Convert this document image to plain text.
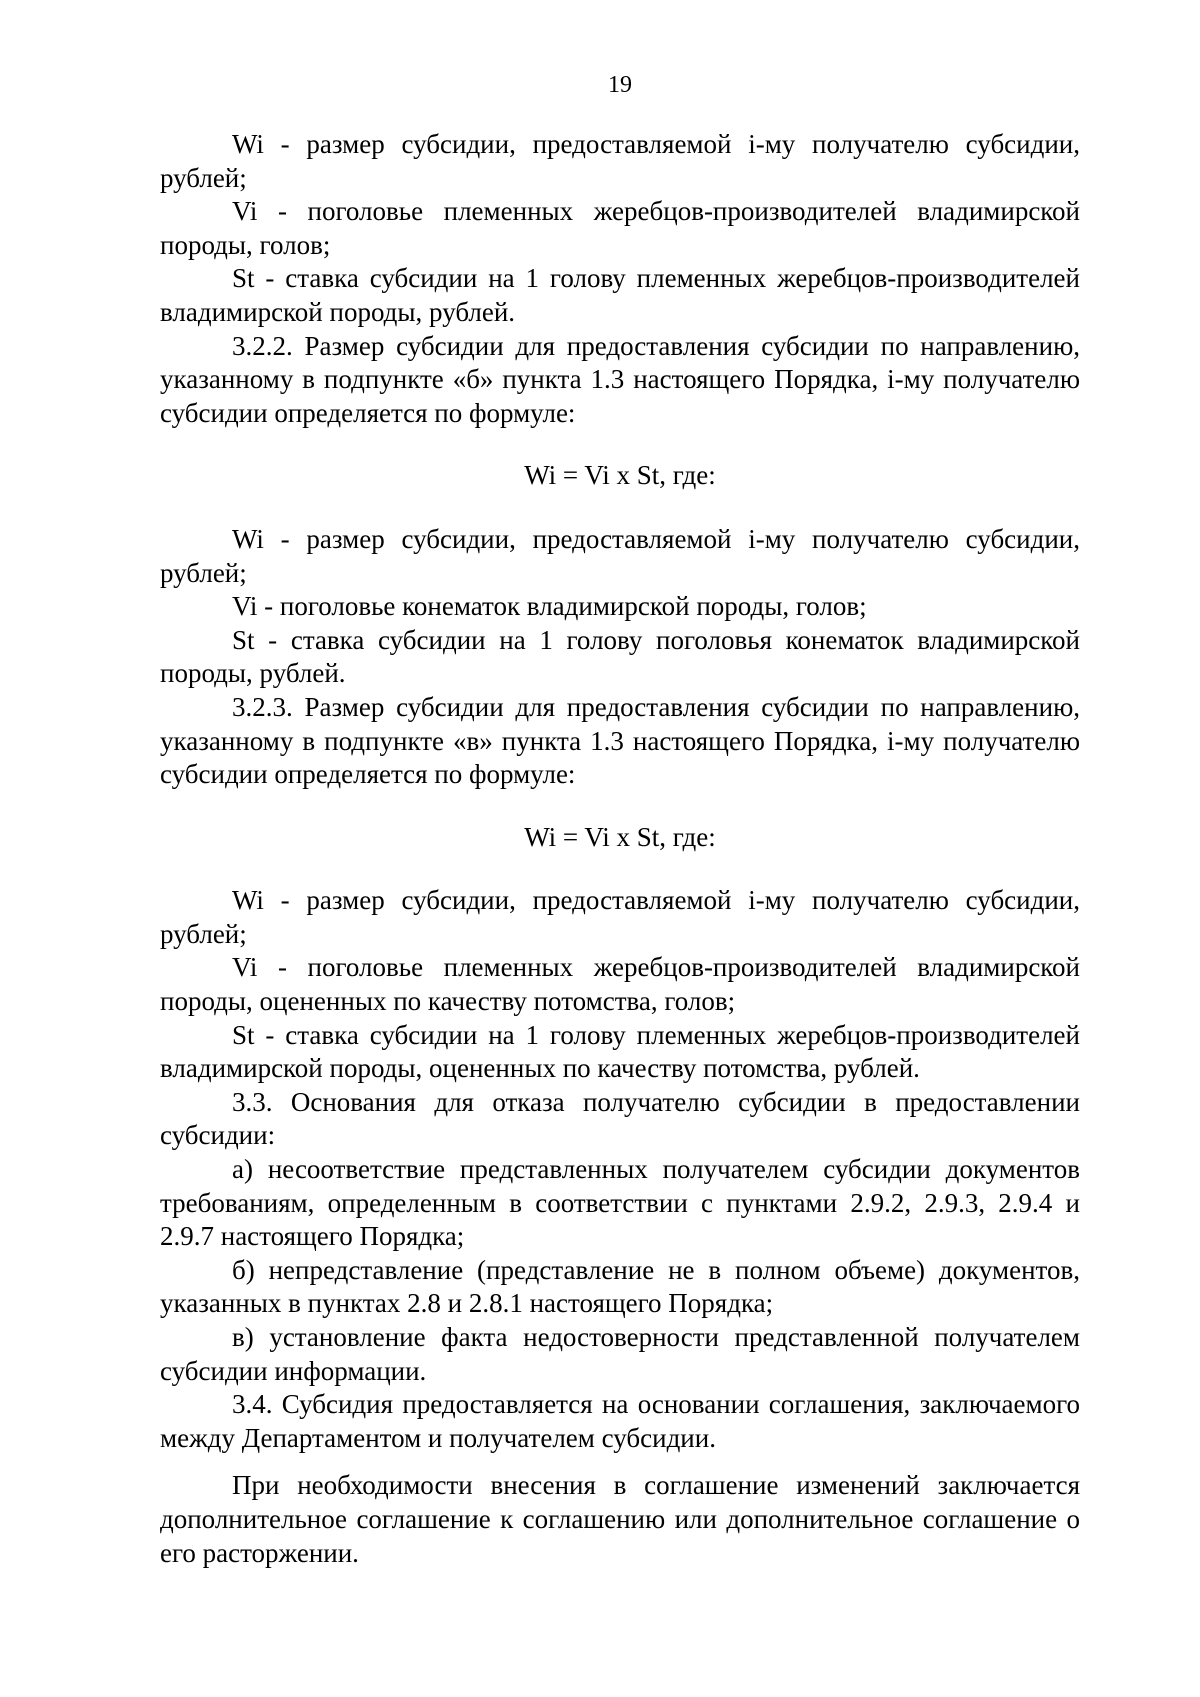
19

Wi - размер субсидии, предоставляемой i-му получателю субсидии, рублей;

Vi - поголовье племенных жеребцов-производителей владимирской породы, голов;

St - ставка субсидии на 1 голову племенных жеребцов-производителей владимирской породы, рублей.

3.2.2. Размер субсидии для предоставления субсидии по направлению, указанному в подпункте «б» пункта 1.3 настоящего Порядка, i-му получателю субсидии определяется по формуле:

Wi = Vi x St, где:

Wi - размер субсидии, предоставляемой i-му получателю субсидии, рублей;

Vi - поголовье конематок владимирской породы, голов;

St - ставка субсидии на 1 голову поголовья конематок владимирской породы, рублей.

3.2.3. Размер субсидии для предоставления субсидии по направлению, указанному в подпункте «в» пункта 1.3 настоящего Порядка, i-му получателю субсидии определяется по формуле:

Wi = Vi x St, где:

Wi - размер субсидии, предоставляемой i-му получателю субсидии, рублей;

Vi - поголовье племенных жеребцов-производителей владимирской породы, оцененных по качеству потомства, голов;

St - ставка субсидии на 1 голову племенных жеребцов-производителей владимирской породы, оцененных по качеству потомства, рублей.

3.3. Основания для отказа получателю субсидии в предоставлении субсидии:

а) несоответствие представленных получателем субсидии документов требованиям, определенным в соответствии с пунктами 2.9.2, 2.9.3, 2.9.4 и 2.9.7 настоящего Порядка;

б) непредставление (представление не в полном объеме) документов, указанных в пунктах 2.8 и 2.8.1 настоящего Порядка;

в) установление факта недостоверности представленной получателем субсидии информации.

3.4. Субсидия предоставляется на основании соглашения, заключаемого между Департаментом и получателем субсидии.

При необходимости внесения в соглашение изменений заключается дополнительное соглашение к соглашению или дополнительное соглашение о его расторжении.
